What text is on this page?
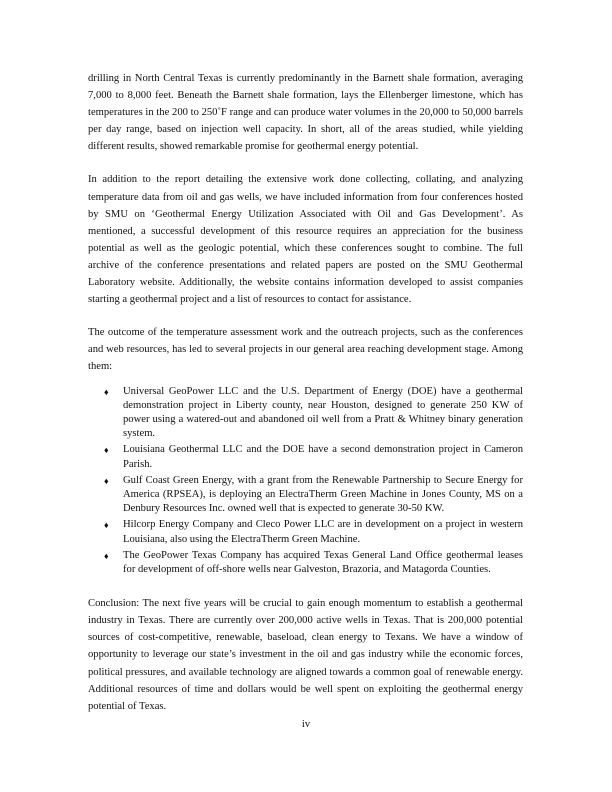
drilling in North Central Texas is currently predominantly in the Barnett shale formation, averaging 7,000 to 8,000 feet. Beneath the Barnett shale formation, lays the Ellenberger limestone, which has temperatures in the 200 to 250˚F range and can produce water volumes in the 20,000 to 50,000 barrels per day range, based on injection well capacity. In short, all of the areas studied, while yielding different results, showed remarkable promise for geothermal energy potential.

In addition to the report detailing the extensive work done collecting, collating, and analyzing temperature data from oil and gas wells, we have included information from four conferences hosted by SMU on ‘Geothermal Energy Utilization Associated with Oil and Gas Development’. As mentioned, a successful development of this resource requires an appreciation for the business potential as well as the geologic potential, which these conferences sought to combine. The full archive of the conference presentations and related papers are posted on the SMU Geothermal Laboratory website. Additionally, the website contains information developed to assist companies starting a geothermal project and a list of resources to contact for assistance.

The outcome of the temperature assessment work and the outreach projects, such as the conferences and web resources, has led to several projects in our general area reaching development stage. Among them:

♦ Universal GeoPower LLC and the U.S. Department of Energy (DOE) have a geothermal demonstration project in Liberty county, near Houston, designed to generate 250 KW of power using a watered-out and abandoned oil well from a Pratt & Whitney binary generation system.
♦ Louisiana Geothermal LLC and the DOE have a second demonstration project in Cameron Parish.
♦ Gulf Coast Green Energy, with a grant from the Renewable Partnership to Secure Energy for America (RPSEA), is deploying an ElectraTherm Green Machine in Jones County, MS on a Denbury Resources Inc. owned well that is expected to generate 30-50 KW.
♦ Hilcorp Energy Company and Cleco Power LLC are in development on a project in western Louisiana, also using the ElectraTherm Green Machine.
♦ The GeoPower Texas Company has acquired Texas General Land Office geothermal leases for development of off-shore wells near Galveston, Brazoria, and Matagorda Counties.

Conclusion: The next five years will be crucial to gain enough momentum to establish a geothermal industry in Texas. There are currently over 200,000 active wells in Texas. That is 200,000 potential sources of cost-competitive, renewable, baseload, clean energy to Texans. We have a window of opportunity to leverage our state’s investment in the oil and gas industry while the economic forces, political pressures, and available technology are aligned towards a common goal of renewable energy. Additional resources of time and dollars would be well spent on exploiting the geothermal energy potential of Texas.

iv
